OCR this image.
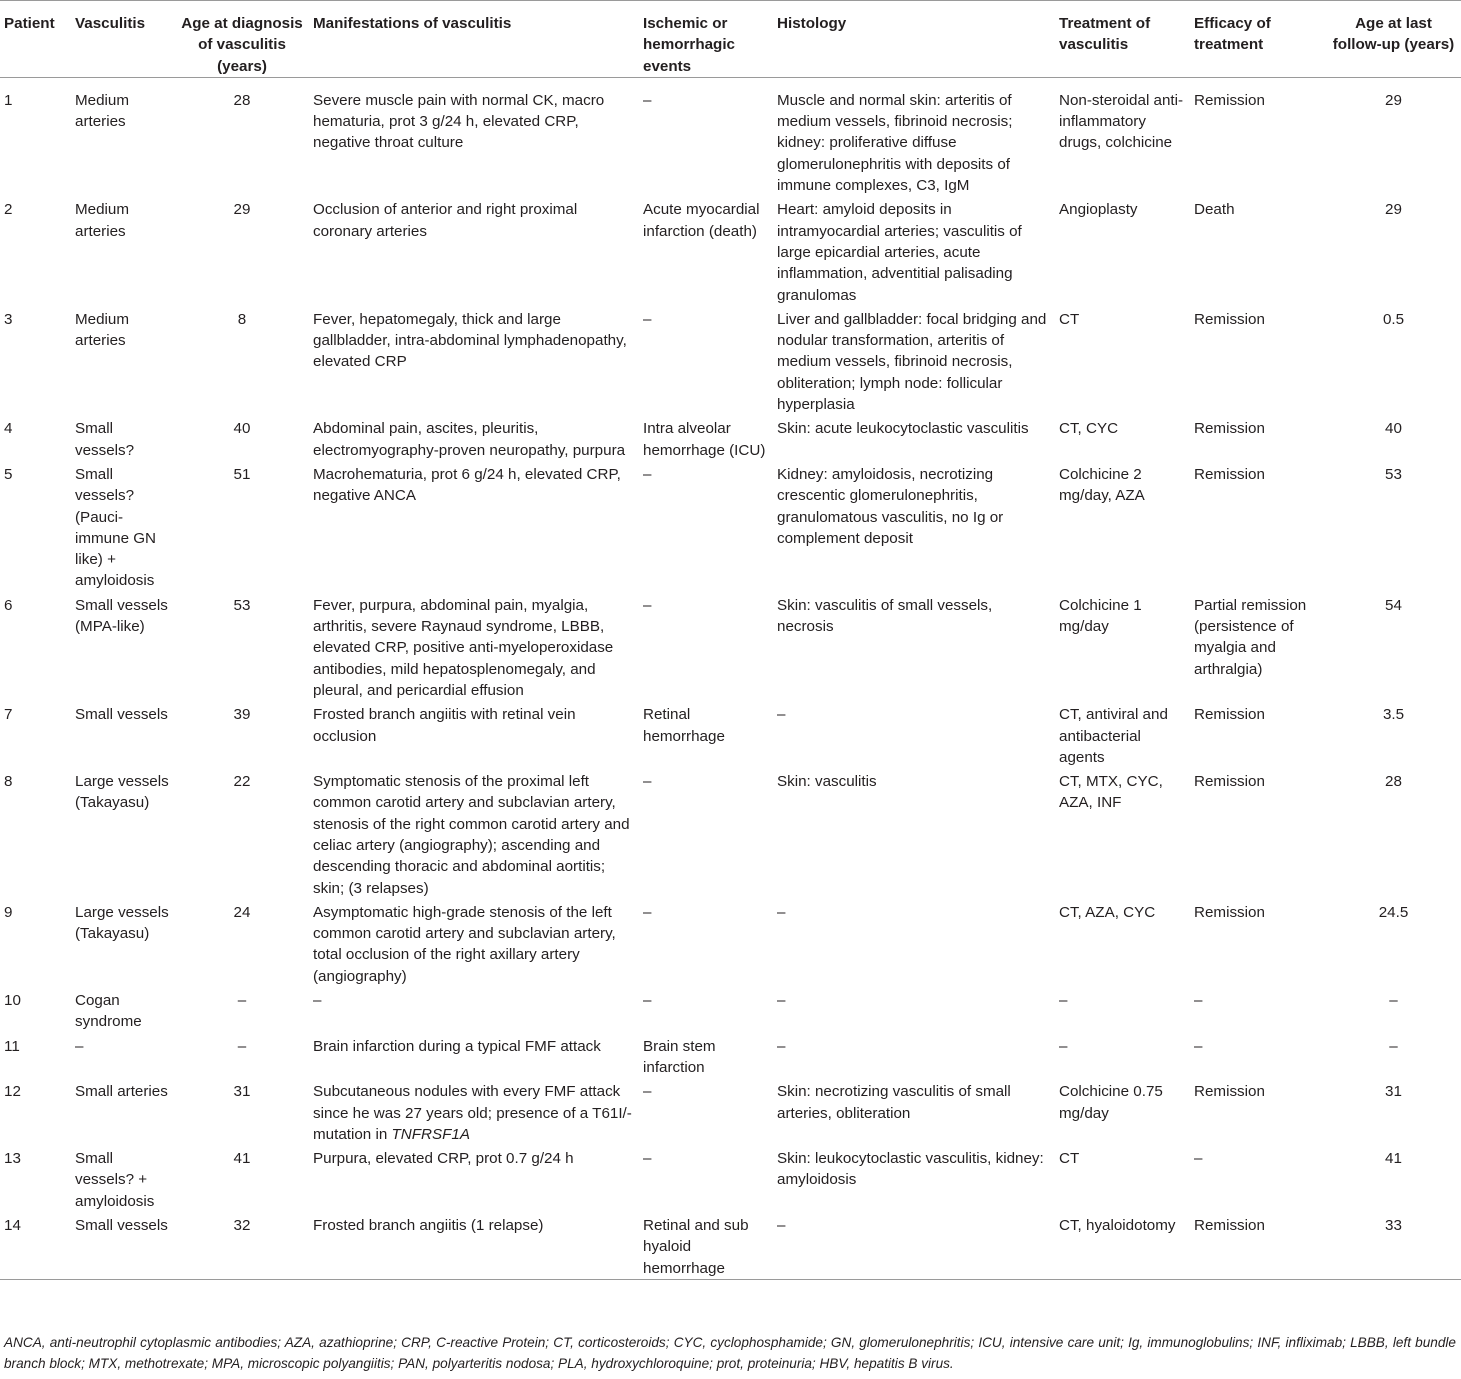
Patient	Vasculitis	Age at diagnosis of vasculitis (years)	Manifestations of vasculitis	Ischemic or hemorrhagic events	Histology	Treatment of vasculitis	Efficacy of treatment	Age at last follow-up (years)
1	Medium arteries	28	Severe muscle pain with normal CK, macro hematuria, prot 3 g/24 h, elevated CRP, negative throat culture	–	Muscle and normal skin: arteritis of medium vessels, fibrinoid necrosis; kidney: proliferative diffuse glomerulonephritis with deposits of immune complexes, C3, IgM	Non-steroidal anti-inflammatory drugs, colchicine	Remission	29
2	Medium arteries	29	Occlusion of anterior and right proximal coronary arteries	Acute myocardial infarction (death)	Heart: amyloid deposits in intramyocardial arteries; vasculitis of large epicardial arteries, acute inflammation, adventitial palisading granulomas	Angioplasty	Death	29
3	Medium arteries	8	Fever, hepatomegaly, thick and large gallbladder, intra-abdominal lymphadenopathy, elevated CRP	–	Liver and gallbladder: focal bridging and nodular transformation, arteritis of medium vessels, fibrinoid necrosis, obliteration; lymph node: follicular hyperplasia	CT	Remission	0.5
4	Small vessels?	40	Abdominal pain, ascites, pleuritis, electromyography-proven neuropathy, purpura	Intra alveolar hemorrhage (ICU)	Skin: acute leukocytoclastic vasculitis	CT, CYC	Remission	40
5	Small vessels? (Pauci-immune GN like) + amyloidosis	51	Macrohematuria, prot 6 g/24 h, elevated CRP, negative ANCA	–	Kidney: amyloidosis, necrotizing crescentic glomerulonephritis, granulomatous vasculitis, no Ig or complement deposit	Colchicine 2 mg/day, AZA	Remission	53
6	Small vessels (MPA-like)	53	Fever, purpura, abdominal pain, myalgia, arthritis, severe Raynaud syndrome, LBBB, elevated CRP, positive anti-myeloperoxidase antibodies, mild hepatosplenomegaly, and pleural, and pericardial effusion	–	Skin: vasculitis of small vessels, necrosis	Colchicine 1 mg/day	Partial remission (persistence of myalgia and arthralgia)	54
7	Small vessels	39	Frosted branch angiitis with retinal vein occlusion	Retinal hemorrhage	–	CT, antiviral and antibacterial agents	Remission	3.5
8	Large vessels (Takayasu)	22	Symptomatic stenosis of the proximal left common carotid artery and subclavian artery, stenosis of the right common carotid artery and celiac artery (angiography); ascending and descending thoracic and abdominal aortitis; skin; (3 relapses)	–	Skin: vasculitis	CT, MTX, CYC, AZA, INF	Remission	28
9	Large vessels (Takayasu)	24	Asymptomatic high-grade stenosis of the left common carotid artery and subclavian artery, total occlusion of the right axillary artery (angiography)	–	–	CT, AZA, CYC	Remission	24.5
10	Cogan syndrome	–	–	–	–	–	–	–
11	–	–	Brain infarction during a typical FMF attack	Brain stem infarction	–	–	–	–
12	Small arteries	31	Subcutaneous nodules with every FMF attack since he was 27 years old; presence of a T61I/- mutation in TNFRSF1A	–	Skin: necrotizing vasculitis of small arteries, obliteration	Colchicine 0.75 mg/day	Remission	31
13	Small vessels? + amyloidosis	41	Purpura, elevated CRP, prot 0.7 g/24 h	–	Skin: leukocytoclastic vasculitis, kidney: amyloidosis	CT	–	41
14	Small vessels	32	Frosted branch angiitis (1 relapse)	Retinal and sub hyaloid hemorrhage	–	CT, hyaloidotomy	Remission	33
ANCA, anti-neutrophil cytoplasmic antibodies; AZA, azathioprine; CRP, C-reactive Protein; CT, corticosteroids; CYC, cyclophosphamide; GN, glomerulonephritis; ICU, intensive care unit; Ig, immunoglobulins; INF, infliximab; LBBB, left bundle branch block; MTX, methotrexate; MPA, microscopic polyangiitis; PAN, polyarteritis nodosa; PLA, hydroxychloroquine; prot, proteinuria; HBV, hepatitis B virus.
